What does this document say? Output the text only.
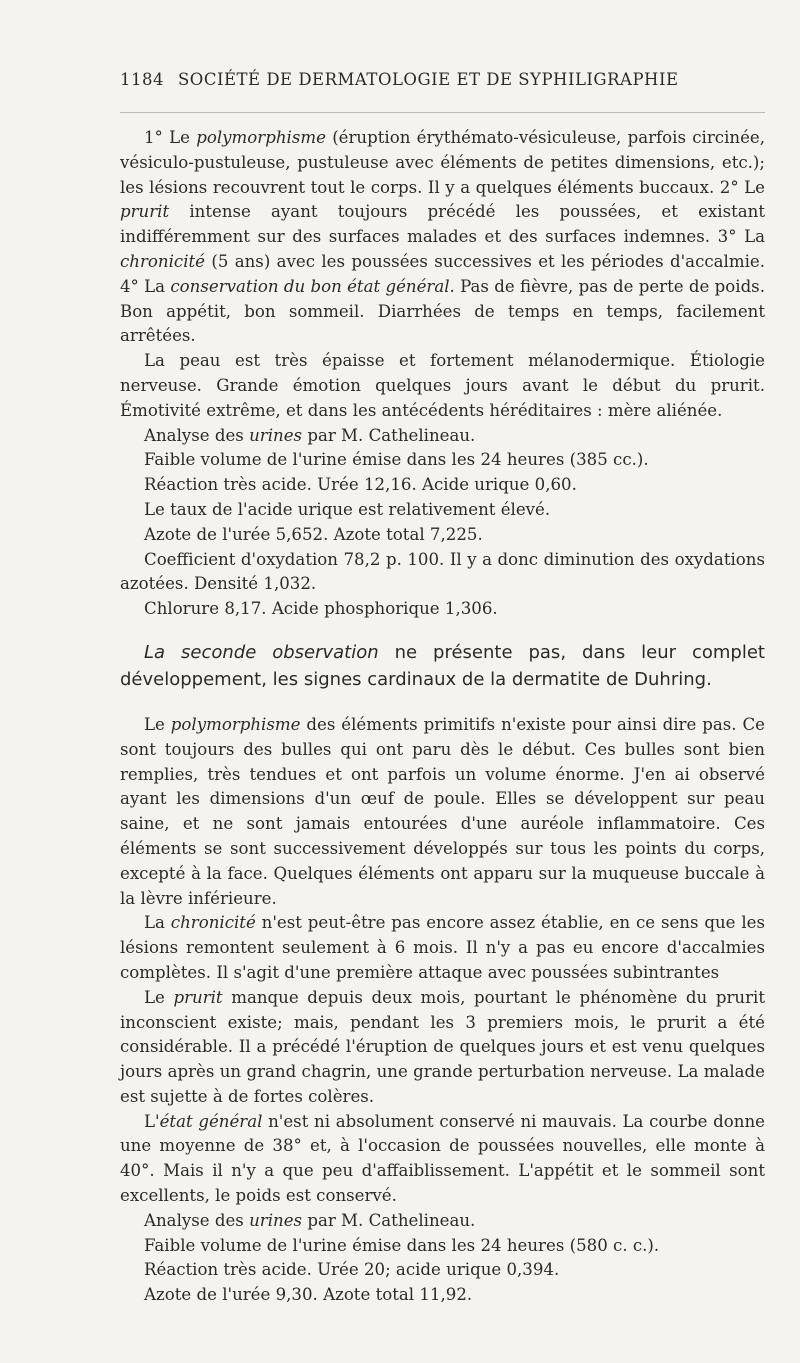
1184 SOCIÉTÉ DE DERMATOLOGIE ET DE SYPHILIGRAPHIE

1° Le polymorphisme (éruption érythémato-vésiculeuse, parfois circinée, vésiculo-pustuleuse, pustuleuse avec éléments de petites dimensions, etc.); les lésions recouvrent tout le corps. Il y a quelques éléments buccaux. 2° Le prurit intense ayant toujours précédé les poussées, et existant indifféremment sur des surfaces malades et des surfaces indemnes. 3° La chronicité (5 ans) avec les poussées successives et les périodes d'accalmie. 4° La conservation du bon état général. Pas de fièvre, pas de perte de poids. Bon appétit, bon sommeil. Diarrhées de temps en temps, facilement arrêtées.

La peau est très épaisse et fortement mélanodermique. Étiologie nerveuse. Grande émotion quelques jours avant le début du prurit. Émotivité extrême, et dans les antécédents héréditaires : mère aliénée.

Analyse des urines par M. Cathelineau.

Faible volume de l'urine émise dans les 24 heures (385 cc.).

Réaction très acide. Urée 12,16. Acide urique 0,60.

Le taux de l'acide urique est relativement élevé.

Azote de l'urée 5,652. Azote total 7,225.

Coefficient d'oxydation 78,2 p. 100. Il y a donc diminution des oxydations azotées. Densité 1,032.

Chlorure 8,17. Acide phosphorique 1,306.

La seconde observation ne présente pas, dans leur complet développement, les signes cardinaux de la dermatite de Duhring.

Le polymorphisme des éléments primitifs n'existe pour ainsi dire pas. Ce sont toujours des bulles qui ont paru dès le début. Ces bulles sont bien remplies, très tendues et ont parfois un volume énorme. J'en ai observé ayant les dimensions d'un œuf de poule. Elles se développent sur peau saine, et ne sont jamais entourées d'une auréole inflammatoire. Ces éléments se sont successivement développés sur tous les points du corps, excepté à la face. Quelques éléments ont apparu sur la muqueuse buccale à la lèvre inférieure.

La chronicité n'est peut-être pas encore assez établie, en ce sens que les lésions remontent seulement à 6 mois. Il n'y a pas eu encore d'accalmies complètes. Il s'agit d'une première attaque avec poussées subintrantes

Le prurit manque depuis deux mois, pourtant le phénomène du prurit inconscient existe; mais, pendant les 3 premiers mois, le prurit a été considérable. Il a précédé l'éruption de quelques jours et est venu quelques jours après un grand chagrin, une grande perturbation nerveuse. La malade est sujette à de fortes colères.

L'état général n'est ni absolument conservé ni mauvais. La courbe donne une moyenne de 38° et, à l'occasion de poussées nouvelles, elle monte à 40°. Mais il n'y a que peu d'affaiblissement. L'appétit et le sommeil sont excellents, le poids est conservé.

Analyse des urines par M. Cathelineau.

Faible volume de l'urine émise dans les 24 heures (580 c. c.).

Réaction très acide. Urée 20; acide urique 0,394.

Azote de l'urée 9,30. Azote total 11,92.
